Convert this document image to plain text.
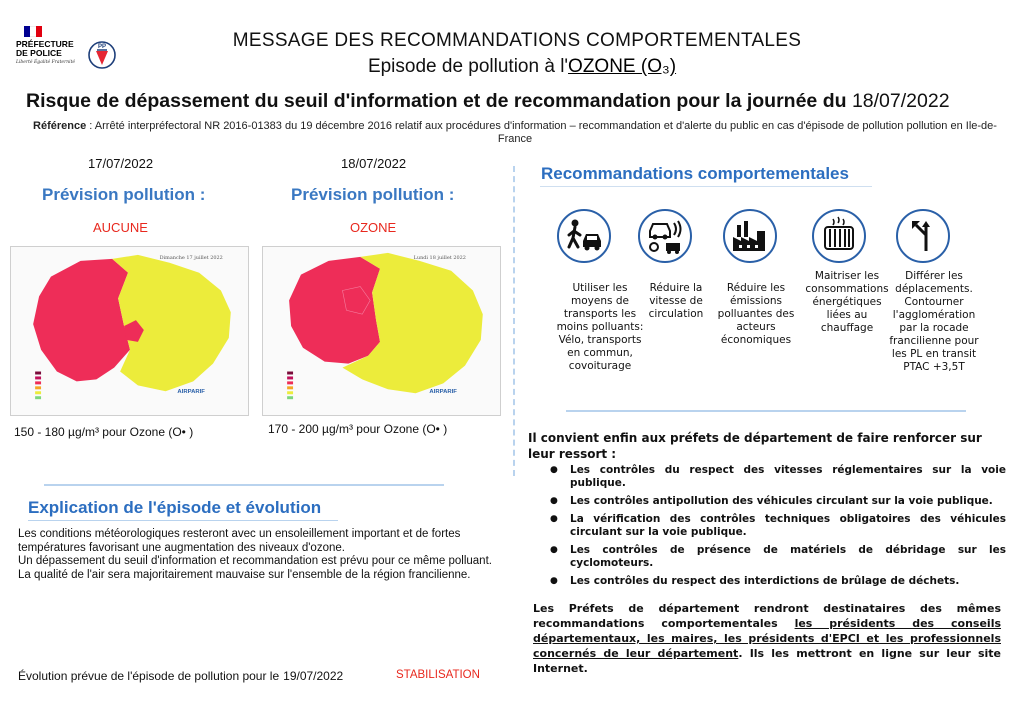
PRÉFECTURE
DE POLICE
Liberté Égalité Fraternité
PP	MESSAGE DES RECOMMANDATIONS COMPORTEMENTALES
Episode de pollution à l'OZONE (O₃)
Risque de dépassement du seuil d'information et de recommandation pour la journée du 18/07/2022
Référence : Arrêté interpréfectoral NR 2016-01383 du 19 décembre 2016 relatif aux procédures d'information – recommandation et d'alerte du public en cas d'épisode de pollution pollution en Ile-de-France
17/07/2022
Prévision pollution :
AUCUNE
Dimanche 17 juillet 2022
AIRPARIF
150 - 180 µg/m³ pour Ozone (O• )
18/07/2022
Prévision pollution :
OZONE
Lundi 18 juillet 2022
AIRPARIF
170 - 200 µg/m³ pour Ozone (O• )
Explication de l'épisode et évolution
Les conditions météorologiques resteront avec un ensoleillement important et de fortes températures favorisant une augmentation des niveaux d'ozone.
Un dépassement du seuil d'information et recommandation est prévu pour ce même polluant. La qualité de l'air sera majoritairement mauvaise sur l'ensemble de la région francilienne.
Évolution prévue de l'épisode de pollution pour le 19/07/2022	STABILISATION
Recommandations comportementales
Utiliser les moyens de transports les moins polluants: Vélo, transports en commun, covoiturage
Réduire la vitesse de circulation
Réduire les émissions polluantes des acteurs économiques
Maitriser les consommations énergétiques liées au chauffage
Différer les déplacements. Contourner l'agglomération par la rocade francilienne pour les PL en transit PTAC +3,5T
Il convient enfin aux préfets de département de faire renforcer sur leur ressort :
● Les contrôles du respect des vitesses réglementaires sur la voie publique.
● Les contrôles antipollution des véhicules circulant sur la voie publique.
● La vérification des contrôles techniques obligatoires des véhicules circulant sur la voie publique.
● Les contrôles de présence de matériels de débridage sur les cyclomoteurs.
● Les contrôles du respect des interdictions de brûlage de déchets.
Les Préfets de département rendront destinataires des mêmes recommandations comportementales les présidents des conseils départementaux, les maires, les présidents d'EPCI et les professionnels concernés de leur département. Ils les mettront en ligne sur leur site Internet.
